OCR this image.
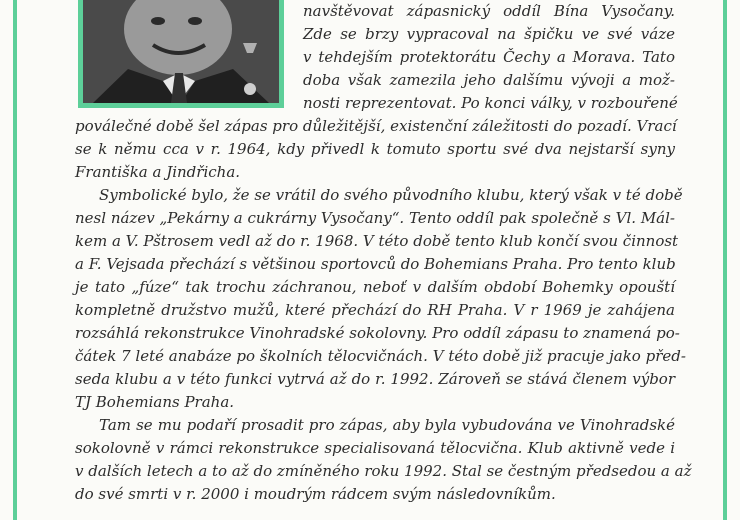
navštěvovat zápasnický oddíl Bína Vysočany.
Zde se brzy vypracoval na špičku ve své váze
v tehdejším protektorátu Čechy a Morava. Tato
doba však zamezila jeho dalšímu vývoji a mož-
nosti reprezentovat. Po konci války, v rozbouřené
poválečné době šel zápas pro důležitější, existenční záležitosti do pozadí. Vrací
se k němu cca v r. 1964, kdy přivedl k tomuto sportu své dva nejstarší syny
Františka a Jindřicha.
Symbolické bylo, že se vrátil do svého původního klubu, který však v té době
nesl název „Pekárny a cukrárny Vysočany“. Tento oddíl pak společně s Vl. Mál-
kem a V. Pštrosem vedl až do r. 1968. V této době tento klub končí svou činnost
a F. Vejsada přechází s většinou sportovců do Bohemians Praha. Pro tento klub
je tato „fúze“ tak trochu záchranou, neboť v dalším období Bohemky opouští
kompletně družstvo mužů, které přechází do RH Praha. V r 1969 je zahájena
rozsáhlá rekonstrukce Vinohradské sokolovny. Pro oddíl zápasu to znamená po-
čátek 7 leté anabáze po školních tělocvičnách. V této době již pracuje jako před-
seda klubu a v této funkci vytrvá až do r. 1992. Zároveň se stává členem výbor
TJ Bohemians Praha.
Tam se mu podaří prosadit pro zápas, aby byla vybudována ve Vinohradské
sokolovně v rámci rekonstrukce specialisovaná tělocvična. Klub aktivně vede i
v dalších letech a to až do zmíněného roku 1992. Stal se čestným předsedou a až
do své smrti v r. 2000 i moudrým rádcem svým následovníkům.
